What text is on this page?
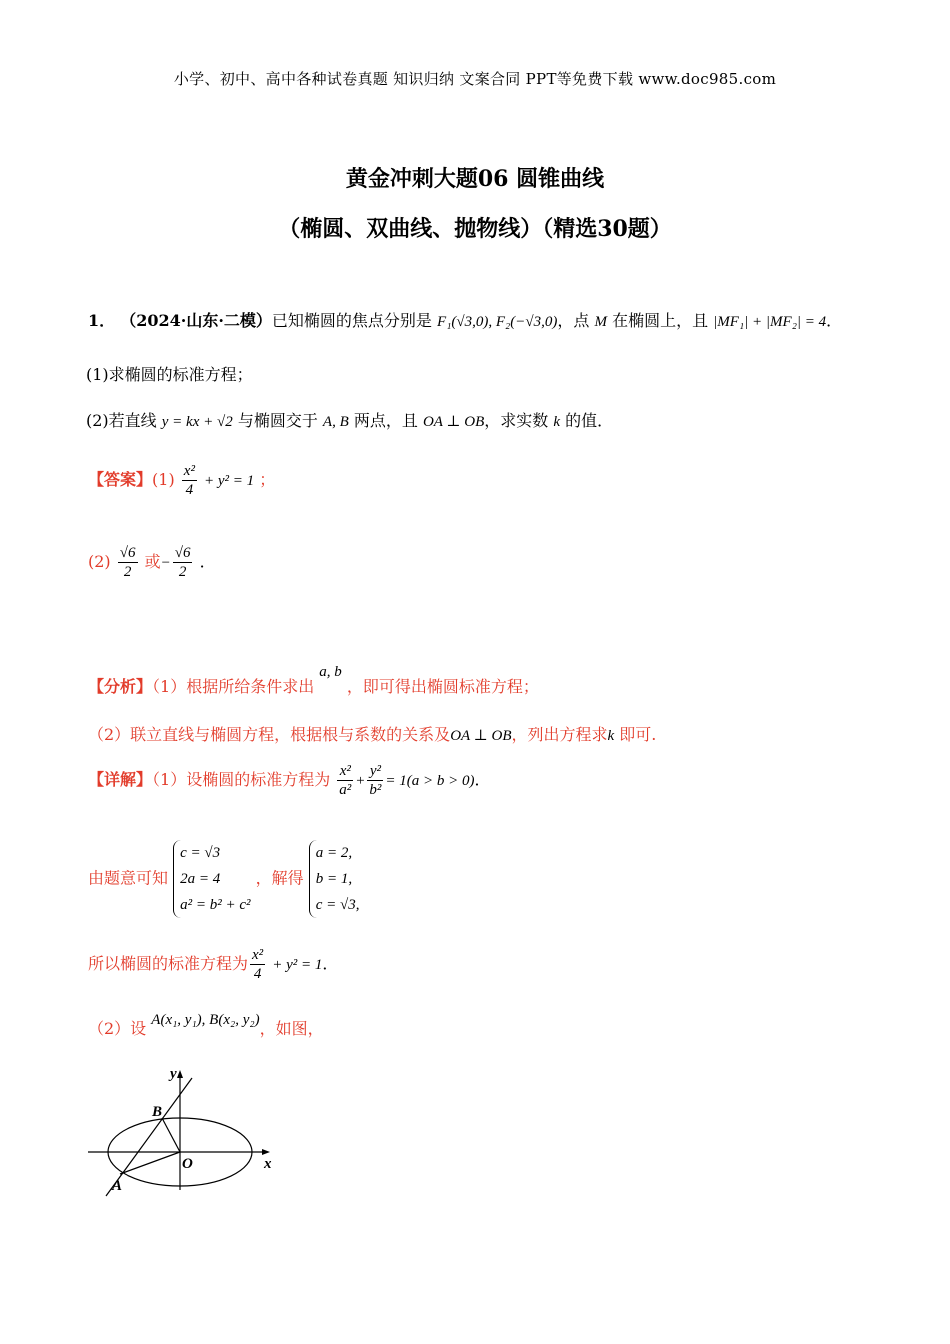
小学、初中、高中各种试卷真题 知识归纳 文案合同 PPT等免费下载 www.doc985.com
黄金冲刺大题06 圆锥曲线
（椭圆、双曲线、抛物线）（精选30题）
1． （2024·山东·二模）已知椭圆的焦点分别是 F₁(√3,0), F₂(−√3,0)，点 M 在椭圆上，且 |MF₁| + |MF₂| = 4．
(1)求椭圆的标准方程；
(2)若直线 y = kx + √2 与椭圆交于 A, B 两点，且 OA ⊥ OB，求实数 k 的值．
【答案】$(1) \frac{\text{x²}}{4} + y^2 = 1$ ；
$(2) \frac{√6}{2}$ 或− $\frac{√6}{2}$ ．
【分析】（1）根据所给条件求出 a, b ，即可得出椭圆标准方程；
（2）联立直线与椭圆方程，根据根与系数的关系及OA ⊥ OB，列出方程求k 即可.
【详解】（1）设椭圆的标准方程为 $\frac{\text{x²}}{\text{a²}} + \frac{\text{y²}}{\text{b²}} = 1(a > b > 0)$．
由题意可知
c = √3
2a = 4
a² = b² + c²
，解得
a = 2,
b = 1,
c = √3,
所以椭圆的标准方程为 $\frac{\text{x²}}{4} + y^2 = 1$．
（2）设 A(x₁, y₁), B(x₂, y₂)，如图，
y
x
B
O
A
